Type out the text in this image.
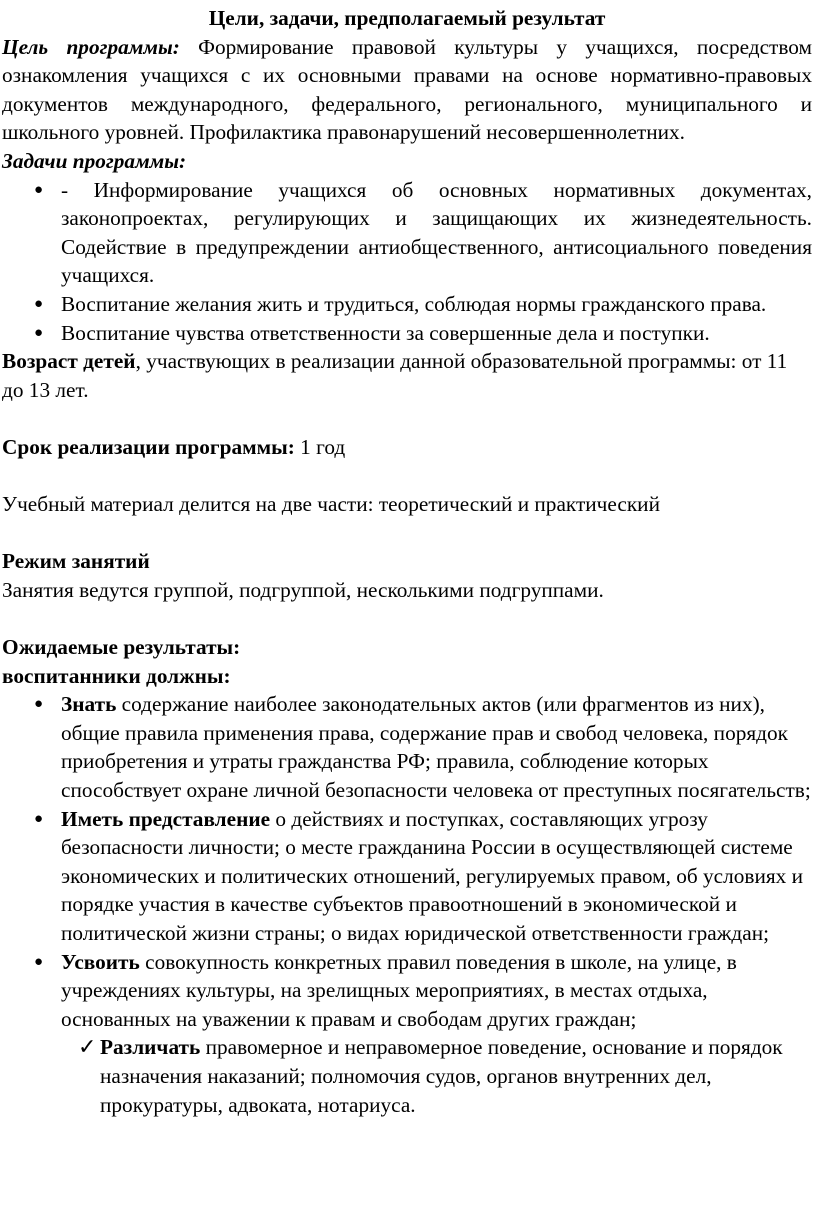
Цели, задачи, предполагаемый результат

Цель программы: Формирование правовой культуры у учащихся, посредством ознакомления учащихся с их основными правами на основе нормативно-правовых документов международного, федерального, регионального, муниципального и школьного уровней. Профилактика правонарушений несовершеннолетних.

Задачи программы:

● - Информирование учащихся об основных нормативных документах, законопроектах, регулирующих и защищающих их жизнедеятельность. Содействие в предупреждении антиобщественного, антисоциального поведения учащихся.
● Воспитание желания жить и трудиться, соблюдая нормы гражданского права.
● Воспитание чувства ответственности за совершенные дела и поступки.

Возраст детей, участвующих в реализации данной образовательной программы: от 11 до 13 лет.

Срок реализации программы: 1 год

Учебный материал делится на две части: теоретический и практический

Режим занятий

Занятия ведутся группой, подгруппой, несколькими подгруппами.

Ожидаемые результаты:

воспитанники должны:

● Знать содержание наиболее законодательных актов (или фрагментов из них), общие правила применения права, содержание прав и свобод человека, порядок приобретения и утраты гражданства РФ; правила, соблюдение которых способствует охране личной безопасности человека от преступных посягательств;
● Иметь представление о действиях и поступках, составляющих угрозу безопасности личности; о месте гражданина России в осуществляющей системе экономических и политических отношений, регулируемых правом, об условиях и порядке участия в качестве субъектов правоотношений в экономической и политической жизни страны; о видах юридической ответственности граждан;
● Усвоить совокупность конкретных правил поведения в школе, на улице, в учреждениях культуры, на зрелищных мероприятиях, в местах отдыха, основанных на уважении к правам и свободам других граждан;
✓ Различать правомерное и неправомерное поведение, основание и порядок назначения наказаний; полномочия судов, органов внутренних дел, прокуратуры, адвоката, нотариуса.
